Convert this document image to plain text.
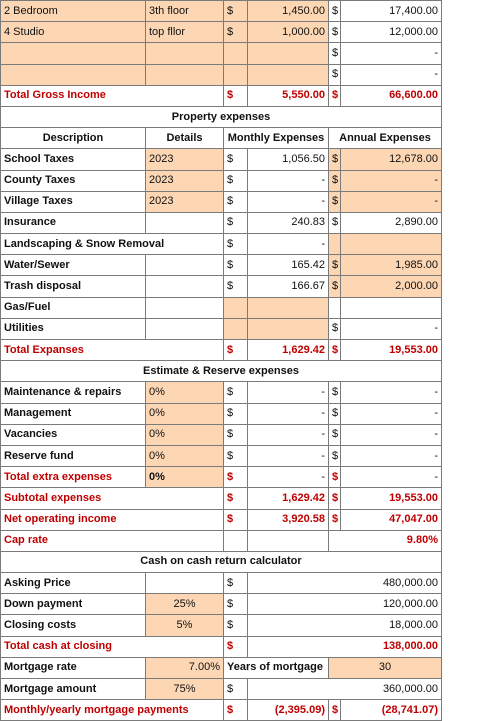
2 Bedroom	3th floor	$	1,450.00	$	17,400.00
4 Studio	top fllor	$	1,000.00	$	12,000.00
				$	-
				$	-
Total Gross Income		$	5,550.00	$	66,600.00
Property expenses					
Description	Details	Monthly Expenses		Annual Expenses	
School Taxes	2023	$	1,056.50	$	12,678.00
County Taxes	2023	$	-	$	-
Village Taxes	2023	$	-	$	-
Insurance		$	240.83	$	2,890.00
Landscaping & Snow Removal		$	-		
Water/Sewer		$	165.42	$	1,985.00
Trash disposal		$	166.67	$	2,000.00
Gas/Fuel					
Utilities				$	-
Total Expanses		$	1,629.42	$	19,553.00
Estimate & Reserve expenses					
Maintenance & repairs	0%	$	-	$	-
Management	0%	$	-	$	-
Vacancies	0%	$	-	$	-
Reserve fund	0%	$	-	$	-
Total extra expenses	0%	$	-	$	-
Subtotal expenses		$	1,629.42	$	19,553.00
Net operating income		$	3,920.58	$	47,047.00
Cap rate				9.80%	
Cash on cash return calculator					
Asking Price		$	480,000.00		
Down payment	25%	$	120,000.00		
Closing costs	5%	$	18,000.00		
Total cash at closing		$	138,000.00		
Mortgage rate	7.00%	Years of mortgage		30	
Mortgage amount	75%	$	360,000.00		
Monthly/yearly mortgage payments		$	(2,395.09)	$	(28,741.07)
